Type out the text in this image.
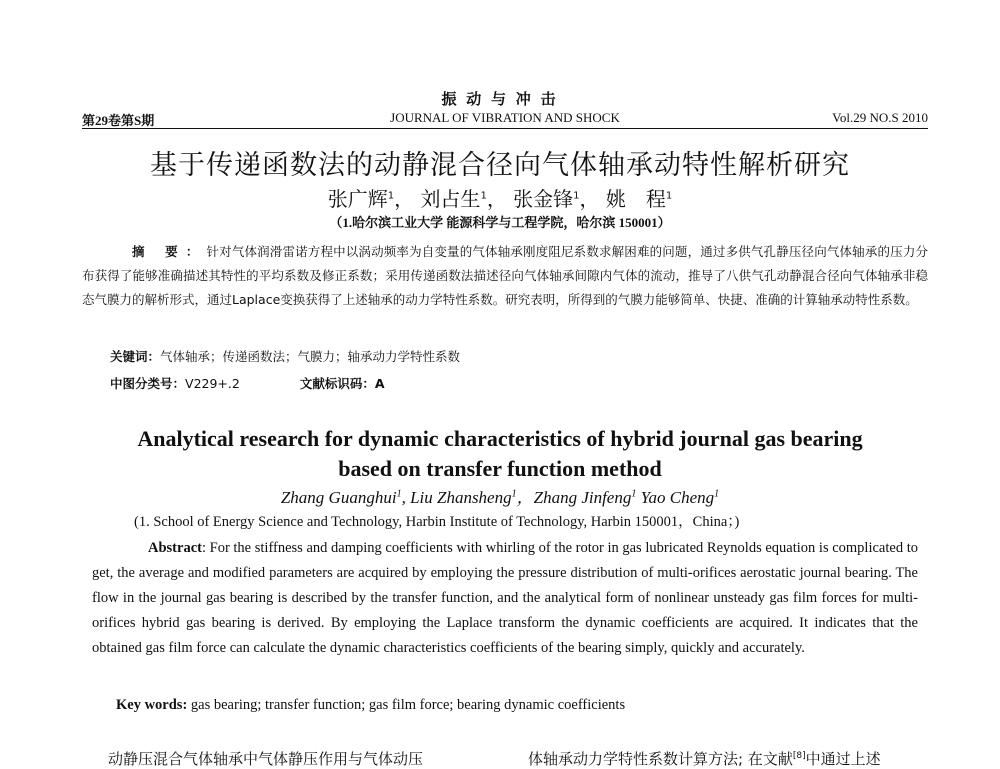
振 动 与 冲 击
第29卷第S期	JOURNAL OF VIBRATION AND SHOCK	Vol.29 NO.S 2010
基于传递函数法的动静混合径向气体轴承动特性解析研究
张广辉$^1$， 刘占生$^1$， 张金锋$^1$， 姚　程$^1$
（1.哈尔滨工业大学 能源科学与工程学院，哈尔滨 150001）
摘 要：针对气体润滑雷诺方程中以涡动频率为自变量的气体轴承刚度阻尼系数求解困难的问题，通过多供气孔静压径向气体轴承的压力分布获得了能够准确描述其特性的平均系数及修正系数；采用传递函数法描述径向气体轴承间隙内气体的流动，推导了八供气孔动静混合径向气体轴承非稳态气膜力的解析形式，通过Laplace变换获得了上述轴承的动力学特性系数。研究表明，所得到的气膜力能够简单、快捷、准确的计算轴承动特性系数。
关键词：气体轴承；传递函数法；气膜力；轴承动力学特性系数
中图分类号：V229+.2	文献标识码：A
Analytical research for dynamic characteristics of hybrid journal gas bearing
based on transfer function method
Zhang Guanghui$^1$, Liu Zhansheng$^1$，Zhang Jinfeng$^1$ Yao Cheng$^1$
(1. School of Energy Science and Technology, Harbin Institute of Technology, Harbin 150001，China；)
Abstract: For the stiffness and damping coefficients with whirling of the rotor in gas lubricated Reynolds equation is complicated to get, the average and modified parameters are acquired by employing the pressure distribution of multi-orifices aerostatic journal bearing. The flow in the journal gas bearing is described by the transfer function, and the analytical form of nonlinear unsteady gas film forces for multi-orifices hybrid gas bearing is derived. By employing the Laplace transform the dynamic coefficients are acquired. It indicates that the obtained gas film force can calculate the dynamic characteristics coefficients of the bearing simply, quickly and accurately.
Key words: gas bearing; transfer function; gas film force; bearing dynamic coefficients
动静压混合气体轴承中气体静压作用与气体动压	体轴承动力学特性系数计算方法; 在文献[8]中通过上述
